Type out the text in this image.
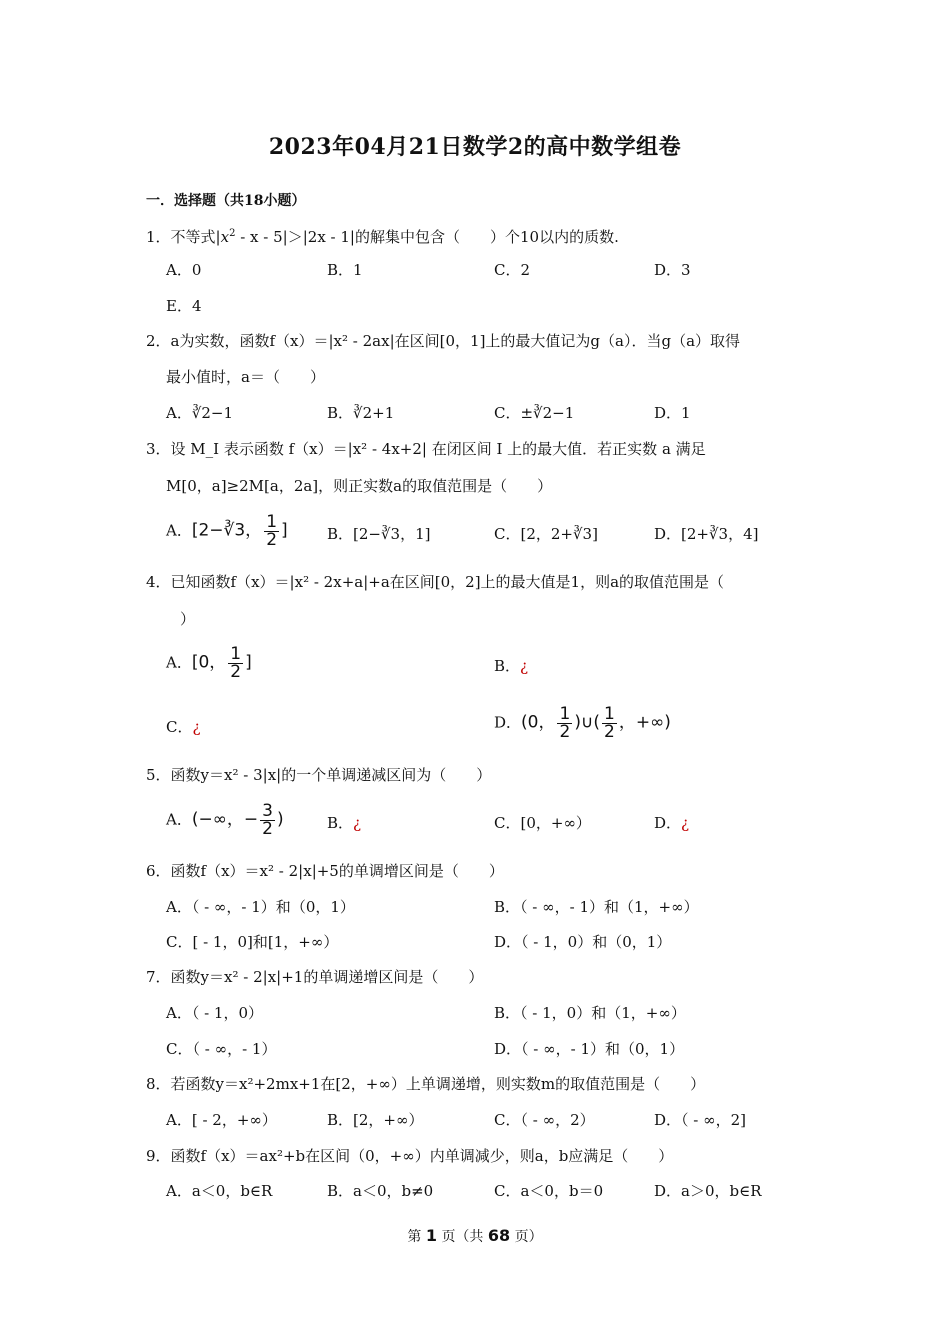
2023年04月21日数学2的高中数学组卷
一．选择题（共18小题）
1．不等式$|x^2$ ‐ x ‐ 5|＞|2x ‐ 1|的解集中包含（　　）个10以内的质数.
A．0	B．1	C．2	D．3
E．4
2．a为实数，函数f（x）＝|x² ‐ 2ax|在区间[0，1]上的最大值记为g（a）．当g（a）取得
最小值时，a＝（　　）
A．∛2−1	B．∛2+1	C．±∛2−1	D．1
3．设 M_I 表示函数 f（x）＝|x² ‐ 4x+2| 在闭区间 I 上的最大值．若正实数 a 满足
M[0，a]≥2M[a，2a]，则正实数a的取值范围是（　　）
A．[2−∛3， $\frac{1}{2}$ ]	B．[2−∛3，1]	C．[2，2+∛3]	D．[2+∛3，4]
4．已知函数f（x）＝|x² ‐ 2x+a|+a在区间[0，2]上的最大值是1，则a的取值范围是（
）
A．[0， $\frac{1}{2}$ ]	B．¿
C．¿	D．(0， $\frac{1}{2}$ )∪( $\frac{1}{2}$ ，+∞)
5．函数y＝x² ‐ 3|x|的一个单调递减区间为（　　）
A．(−∞，− $\frac{3}{2}$ )	B．¿	C．[0，+∞）	D．¿
6．函数f（x）＝x² ‐ 2|x|+5的单调增区间是（　　）
A．（ ‐ ∞，‐ 1）和（0，1）	B．（ ‐ ∞，‐ 1）和（1，+∞）
C．[ ‐ 1，0]和[1，+∞）	D．（ ‐ 1，0）和（0，1）
7．函数y＝x² ‐ 2|x|+1的单调递增区间是（　　）
A．（ ‐ 1，0）	B．（ ‐ 1，0）和（1，+∞）
C．（ ‐ ∞，‐ 1）	D．（ ‐ ∞，‐ 1）和（0，1）
8．若函数y＝x²+2mx+1在[2，+∞）上单调递增，则实数m的取值范围是（　　）
A．[ ‐ 2，+∞）	B．[2，+∞）	C．（ ‐ ∞，2）	D．（ ‐ ∞，2]
9．函数f（x）＝ax²+b在区间（0，+∞）内单调减少，则a，b应满足（　　）
A．a＜0，b∈R	B．a＜0，b≠0	C．a＜0，b＝0	D．a＞0，b∈R
第 1 页（共 68 页）
